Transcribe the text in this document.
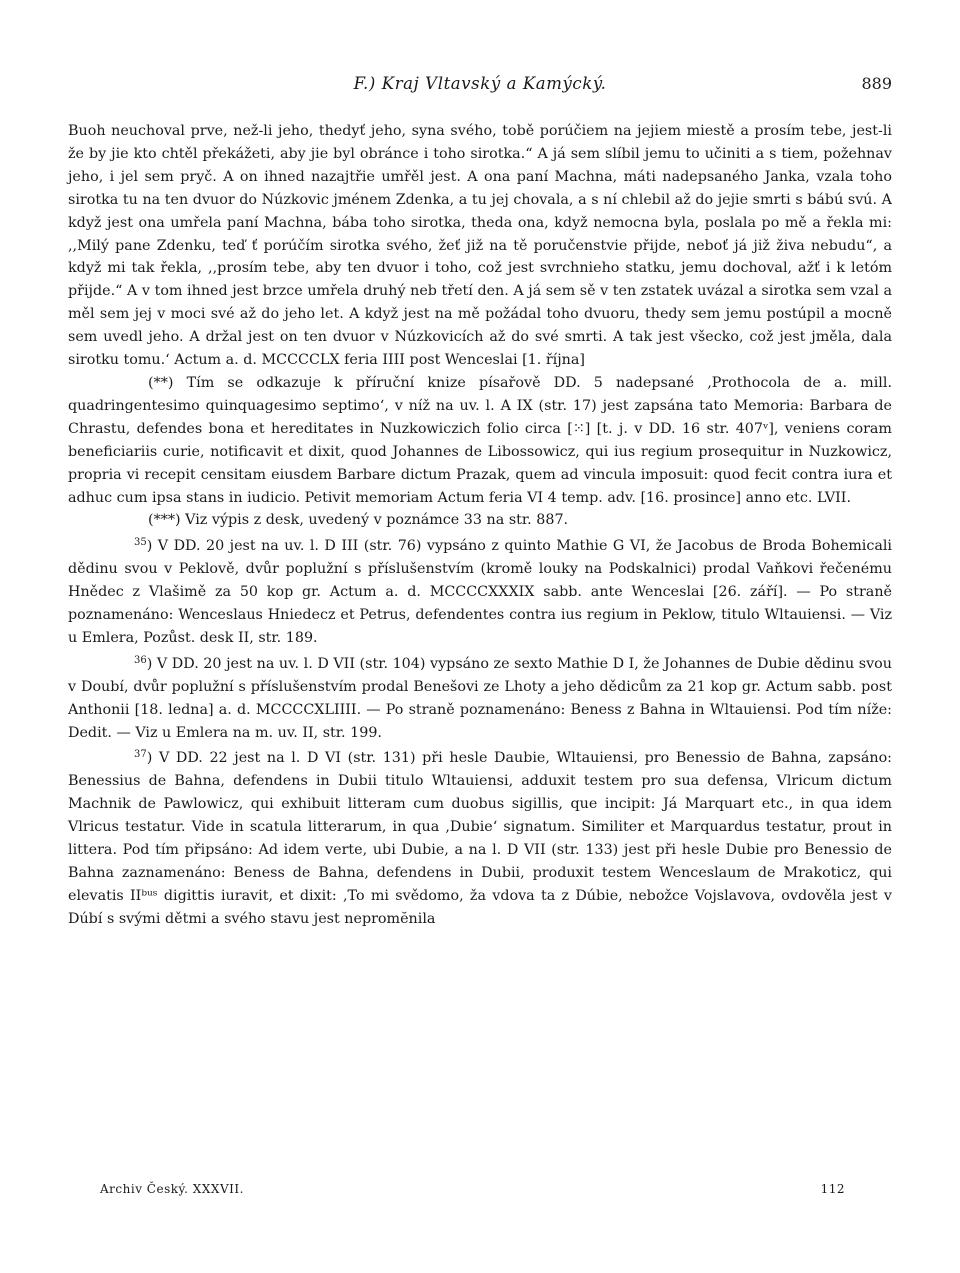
F.) Kraj Vltavský a Kamýcký.	889

Buoh neuchoval prve, než-li jeho, thedyť jeho, syna svého, tobě porúčiem na jejiem miestě a prosím tebe, jest-li že by jie kto chtěl překážeti, aby jie byl obránce i toho sirotka.“ A já sem slíbil jemu to učiniti a s tiem, požehnav jeho, i jel sem pryč. A on ihned nazajtřie umřěl jest. A ona paní Machna, máti nadepsaného Janka, vzala toho sirotka tu na ten dvuor do Núzkovic jménem Zdenka, a tu jej chovala, a s ní chlebil až do jejie smrti s bábú svú. A když jest ona umřela paní Machna, bába toho sirotka, theda ona, když nemocna byla, poslala po mě a řekla mi: ,,Milý pane Zdenku, teď ť porúčím sirotka svého, žeť již na tě poručenstvie přijde, neboť já již živa nebudu“, a když mi tak řekla, ,,prosím tebe, aby ten dvuor i toho, což jest svrchnieho statku, jemu dochoval, ažť i k letóm přijde.“ A v tom ihned jest brzce umřela druhý neb třetí den. A já sem sě v ten zstatek uvázal a sirotka sem vzal a měl sem jej v moci své až do jeho let. A když jest na mě požádal toho dvuoru, thedy sem jemu postúpil a mocně sem uvedl jeho. A držal jest on ten dvuor v Núzkovicích až do své smrti. A tak jest všecko, což jest jměla, dala sirotku tomu.‘ Actum a. d. MCCCCLX feria IIII post Wenceslai [1. října]

(**) Tím se odkazuje k příruční knize písařově DD. 5 nadepsané ,Prothocola de a. mill. quadringentesimo quinquagesimo septimo‘, v níž na uv. l. A IX (str. 17) jest zapsána tato Memoria: Barbara de Chrastu, defendes bona et hereditates in Nuzkowiczich folio circa [⁙] [t. j. v DD. 16 str. 407ᵛ], veniens coram beneficiariis curie, notificavit et dixit, quod Johannes de Libossowicz, qui ius regium prosequitur in Nuzkowicz, propria vi recepit censitam eiusdem Barbare dictum Prazak, quem ad vincula imposuit: quod fecit contra iura et adhuc cum ipsa stans in iudicio. Petivit memoriam Actum feria VI 4 temp. adv. [16. prosince] anno etc. LVII.

(***) Viz výpis z desk, uvedený v poznámce 33 na str. 887.

$^{35}$) V DD. 20 jest na uv. l. D III (str. 76) vypsáno z quinto Mathie G VI, že Jacobus de Broda Bohemicali dědinu svou v Peklově, dvůr poplužní s příslušenstvím (kromě louky na Podskalnici) prodal Vaňkovi řečenému Hnědec z Vlašimě za 50 kop gr. Actum a. d. MCCCCXXXIX sabb. ante Wenceslai [26. září]. — Po straně poznamenáno: Wenceslaus Hniedecz et Petrus, defendentes contra ius regium in Peklow, titulo Wltauiensi. — Viz u Emlera, Pozůst. desk II, str. 189.

$^{36}$) V DD. 20 jest na uv. l. D VII (str. 104) vypsáno ze sexto Mathie D I, že Johannes de Dubie dědinu svou v Doubí, dvůr poplužní s příslušenstvím prodal Benešovi ze Lhoty a jeho dědicům za 21 kop gr. Actum sabb. post Anthonii [18. ledna] a. d. MCCCCXLIIII. — Po straně poznamenáno: Beness z Bahna in Wltauiensi. Pod tím níže: Dedit. — Viz u Emlera na m. uv. II, str. 199.

$^{37}$) V DD. 22 jest na l. D VI (str. 131) při hesle Daubie, Wltauiensi, pro Benessio de Bahna, zapsáno: Benessius de Bahna, defendens in Dubii titulo Wltauiensi, adduxit testem pro sua defensa, Vlricum dictum Machnik de Pawlowicz, qui exhibuit litteram cum duobus sigillis, que incipit: Já Marquart etc., in qua idem Vlricus testatur. Vide in scatula litterarum, in qua ,Dubie‘ signatum. Similiter et Marquardus testatur, prout in littera. Pod tím připsáno: Ad idem verte, ubi Dubie, a na l. D VII (str. 133) jest při hesle Dubie pro Benessio de Bahna zaznamenáno: Beness de Bahna, defendens in Dubii, produxit testem Wenceslaum de Mrakoticz, qui elevatis IIᵇᵘˢ digittis iuravit, et dixit: ,To mi svědomo, ža vdova ta z Dúbie, nebožce Vojslavova, ovdověla jest v Dúbí s svými dětmi a svého stavu jest nepromĕnila

Archiv Český. XXXVII.	112
